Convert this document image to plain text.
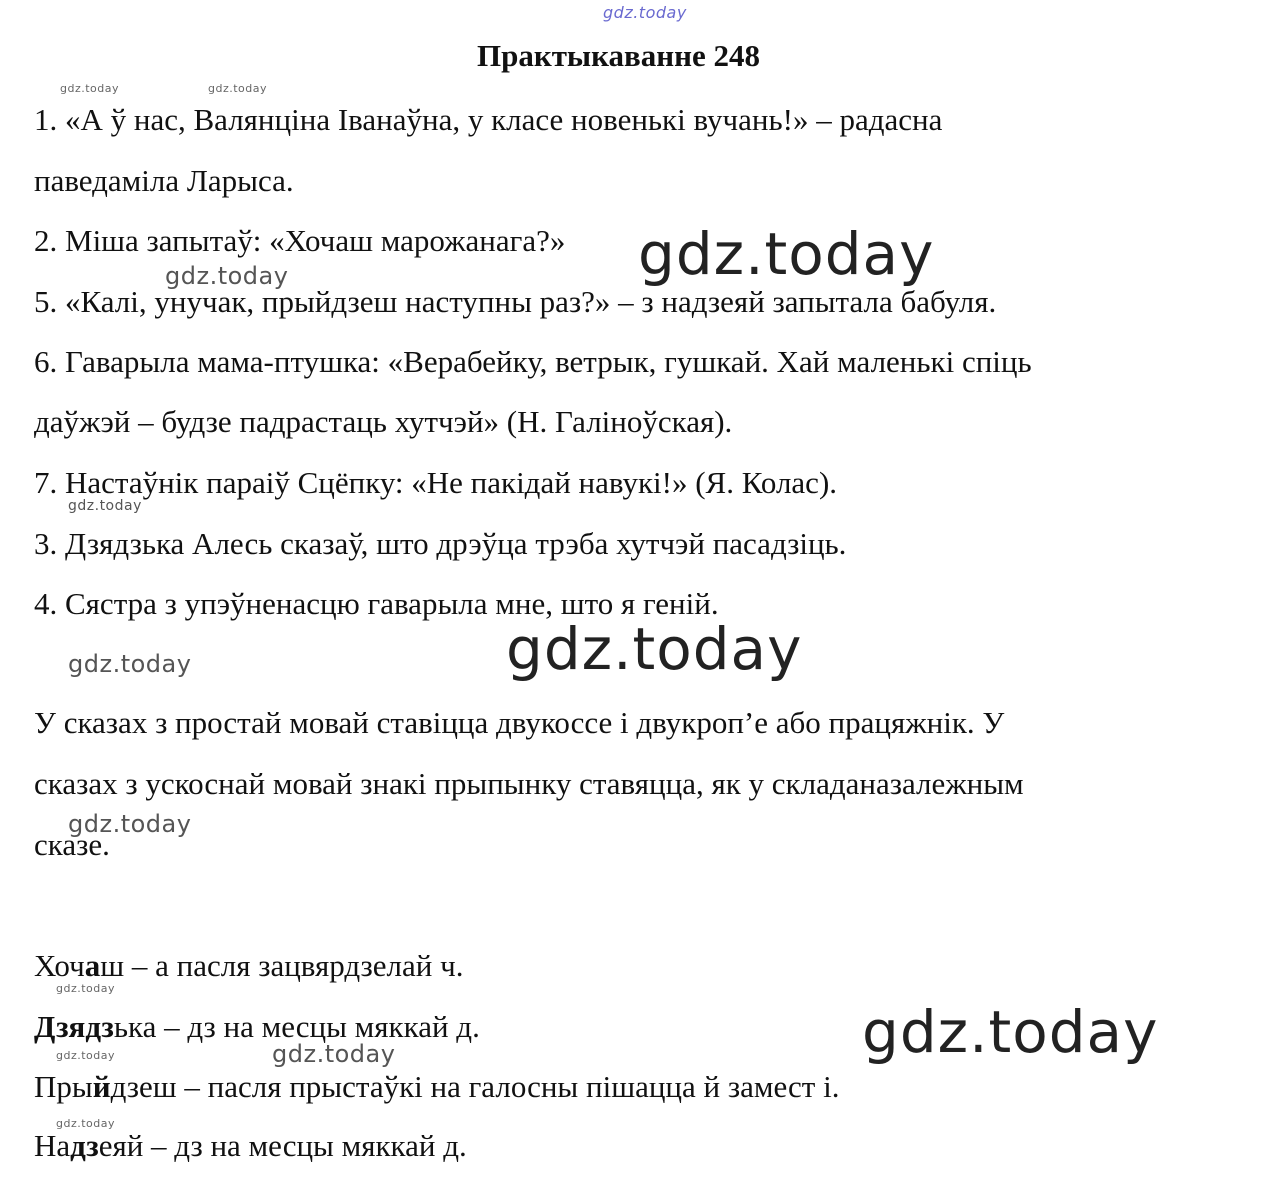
gdz.today
Практыкаванне 248
gdz.today	gdz.today
1. «А ў нас, Валянціна Іванаўна, у класе новенькі вучань!» – радасна
паведаміла Ларыса.
2. Міша запытаў: «Хочаш марожанага?» gdz.today
gdz.today
5. «Калі, унучак, прыйдзеш наступны раз?» – з надзеяй запытала бабуля.
6. Гаварыла мама-птушка: «Верабейку, ветрык, гушкай. Хай маленькі спіць
даўжэй – будзе падрастаць хутчэй» (Н. Галіноўская).
7. Настаўнік параіў Сцёпку: «Не пакідай навукі!» (Я. Колас).
gdz.today
3. Дзядзька Алесь сказаў, што дрэўца трэба хутчэй пасадзіць.
4. Сястра з упэўненасцю гаварыла мне, што я геній.
gdz.today
gdz.today
У сказах з простай мовай ставіцца двукоссе і двукроп’е або працяжнік. У
сказах з ускоснай мовай знакі прыпынку ставяцца, як у складаназалежным
gdz.today
сказе.
Хочаш – а пасля зацвярдзелай ч.
gdz.today
Дзядзька – дз на месцы мяккай д.	gdz.today
gdz.today	gdz.today
Прыйдзеш – пасля прыстаўкі на галосны пішацца й замест і.
gdz.today
Надзеяй – дз на месцы мяккай д.
